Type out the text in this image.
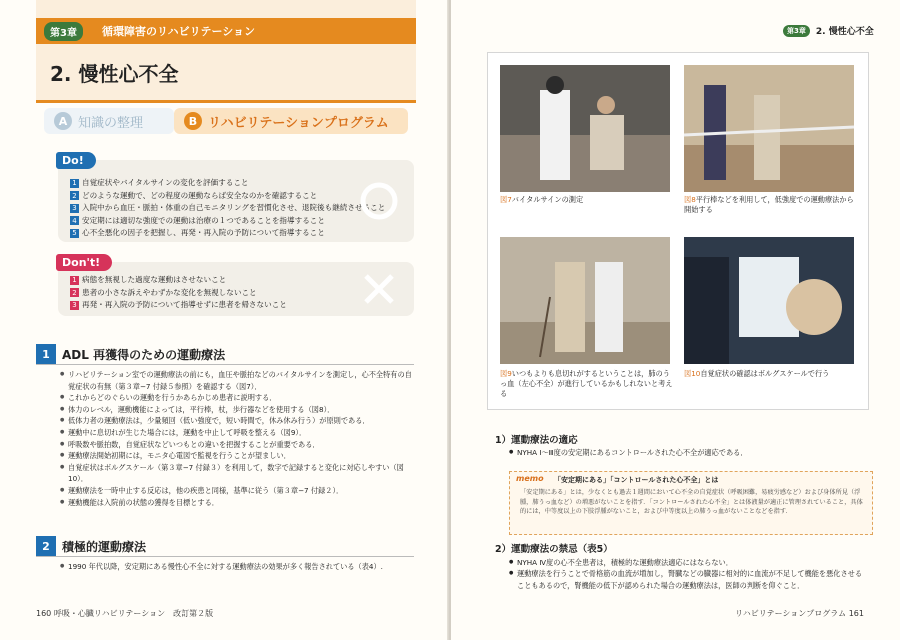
第3章	循環障害のリハビリテーション
2. 慢性心不全
A 知識の整理	B リハビリテーションプログラム
Do!
1 自覚症状やバイタルサインの変化を評価すること
2 どのような運動で、どの程度の運動ならば安全なのかを確認すること
3 入院中から血圧・脈拍・体重の自己モニタリングを習慣化させ、退院後も継続させること
4 安定期には適切な強度での運動は治療の１つであることを指導すること
5 心不全悪化の因子を把握し、再発・再入院の予防について指導すること
Don't!
1 病態を無視した過度な運動はさせないこと
2 患者の小さな訴えやわずかな変化を無視しないこと
3 再発・再入院の予防について指導せずに患者を帰さないこと
1	ADL 再獲得のための運動療法
● リハビリテーション室での運動療法の前にも，血圧や脈拍などのバイタルサインを測定し，心不全特有の自覚症状の有無（第３章−7 付録５参照）を確認する（図7）．
● これからどのぐらいの運動を行うかあらかじめ患者に説明する．
● 体力のレベル，運動機能によっては，平行棒，杖，歩行器などを使用する（図8）．
● 低体力者の運動療法は，少量頻回（低い強度で，短い時間で，休み休み行う）が原則である．
● 運動中に息切れが生じた場合には，運動を中止して呼吸を整える（図9）．
● 呼吸数や脈拍数，自覚症状などいつもとの違いを把握することが重要である．
● 運動療法開始初期には，モニタ心電図で監視を行うことが望ましい．
● 自覚症状はボルグスケール（第３章−7 付録３）を利用して，数字で記録すると変化に対応しやすい（図10）．
● 運動療法を一時中止する反応は，他の疾患と同様，基準に従う（第３章−7 付録２）．
● 運動機能は入院前の状態の獲得を目標とする．
2	積極的運動療法
● 1990 年代以降，安定期にある慢性心不全に対する運動療法の効果が多く報告されている（表4）.
160 呼吸・心臓リハビリテーション　改訂第２版
第3章	2. 慢性心不全
図7バイタルサインの測定	図8平行棒などを利用して，低強度での運動療法から開始する
図9いつもよりも息切れがするということは，肺のうっ血（左心不全）が進行しているかもしれないと考える
図10自覚症状の確認はボルグスケールで行う
1）運動療法の適応
● NYHA Ⅰ～Ⅲ度の安定期にあるコントロールされた心不全が適応である．
memo 「安定期にある」「コントロールされた心不全」とは
「安定期にある」とは，少なくとも過去１週間において心不全の自覚症状（呼吸困難，易疲労感など）および身体所見（浮腫，肺うっ血など）の増悪がないことを指す．「コントロールされた心不全」とは体液量が適正に管理されていること，具体的には，中等度以上の下肢浮腫がないこと，および中等度以上の肺うっ血がないことなどを指す．
2）運動療法の禁忌（表5）
● NYHA Ⅳ度の心不全患者は，積極的な運動療法適応にはならない．
● 運動療法を行うことで骨格筋の血流が増加し，腎臓などの臓器に相対的に血流が不足して機能を悪化させることもあるので，腎機能の低下が認められた場合の運動療法は，医師の判断を仰ぐこと．
リハビリテーションプログラム 161
